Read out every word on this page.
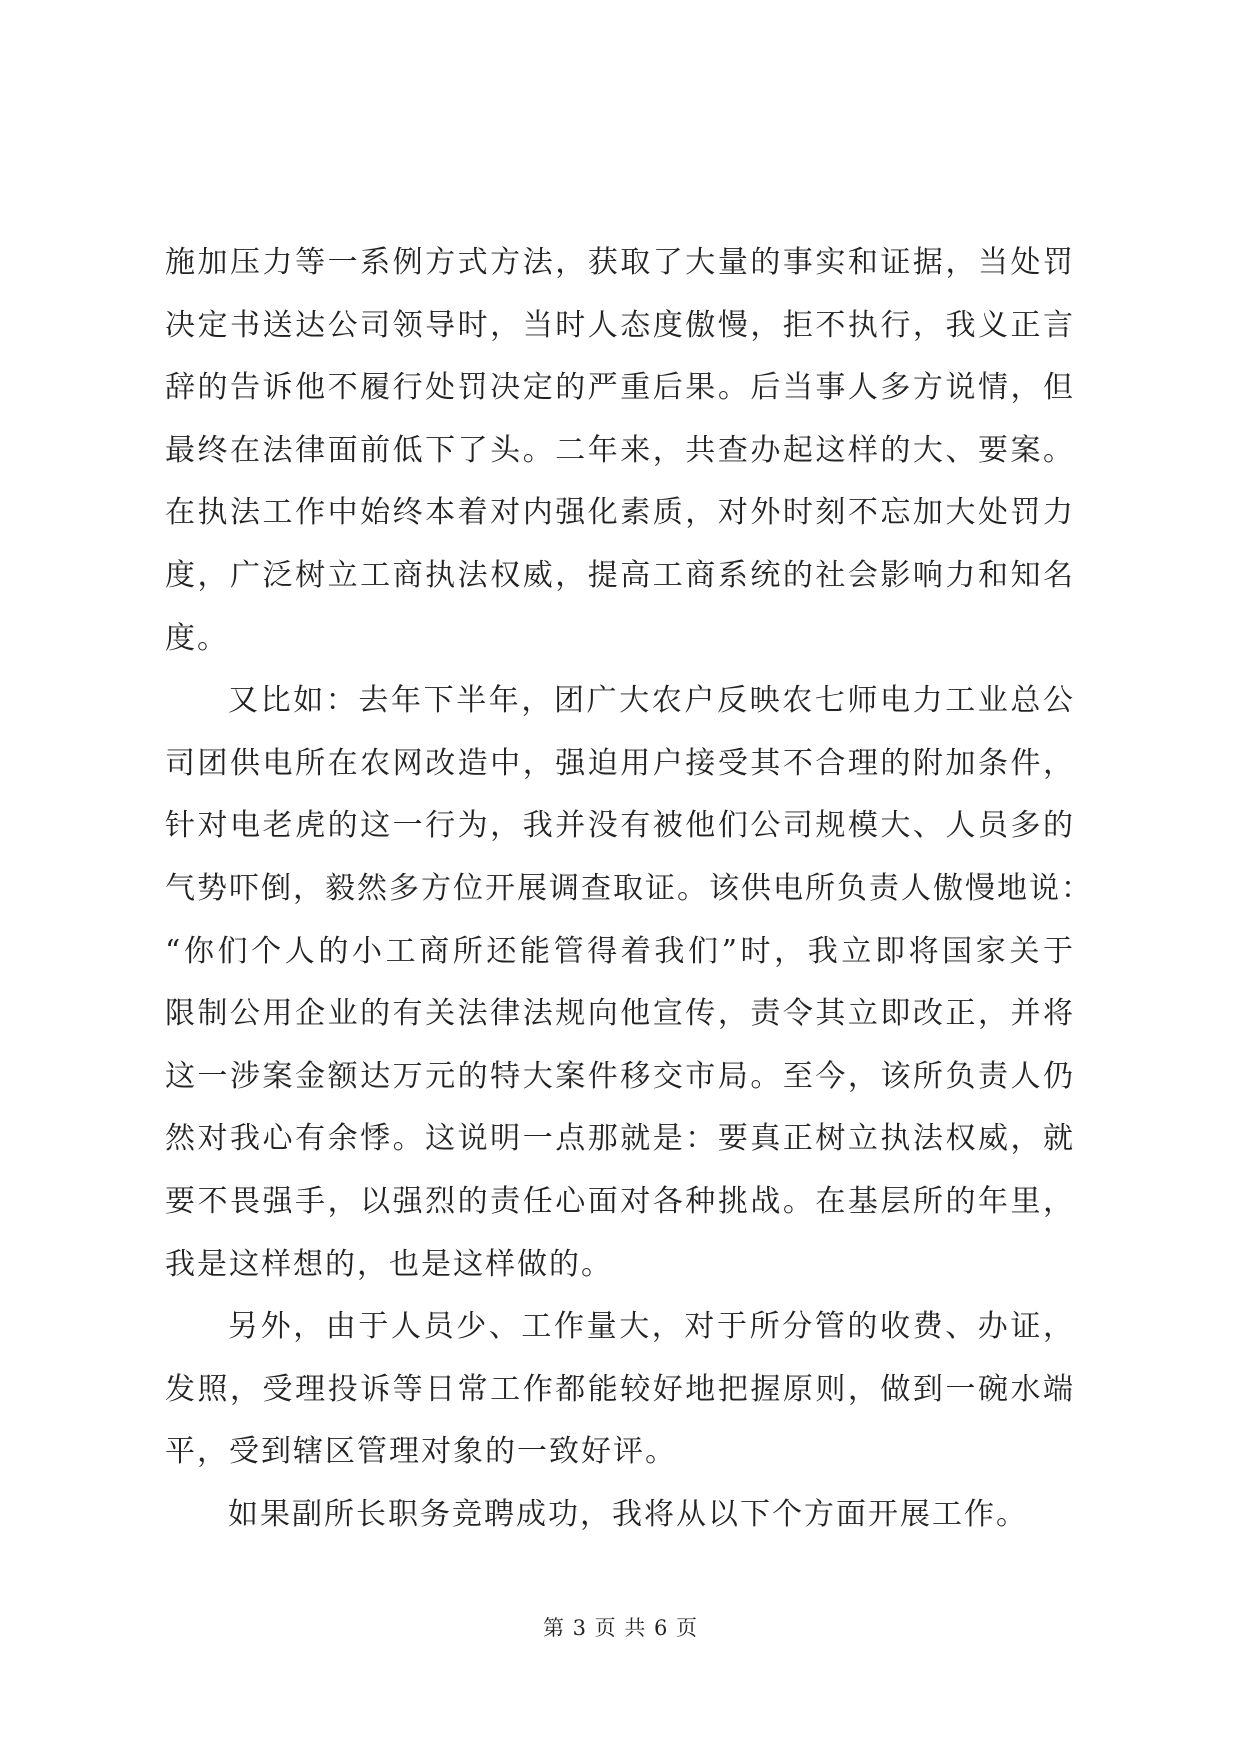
施加压力等一系例方式方法，获取了大量的事实和证据，当处罚
决定书送达公司领导时，当时人态度傲慢，拒不执行，我义正言
辞的告诉他不履行处罚决定的严重后果。后当事人多方说情，但
最终在法律面前低下了头。二年来，共查办起这样的大、要案。
在执法工作中始终本着对内强化素质，对外时刻不忘加大处罚力
度，广泛树立工商执法权威，提高工商系统的社会影响力和知名
度。
又比如：去年下半年，团广大农户反映农七师电力工业总公
司团供电所在农网改造中，强迫用户接受其不合理的附加条件，
针对电老虎的这一行为，我并没有被他们公司规模大、人员多的
气势吓倒，毅然多方位开展调查取证。该供电所负责人傲慢地说：
“你们个人的小工商所还能管得着我们”时，我立即将国家关于
限制公用企业的有关法律法规向他宣传，责令其立即改正，并将
这一涉案金额达万元的特大案件移交市局。至今，该所负责人仍
然对我心有余悸。这说明一点那就是：要真正树立执法权威，就
要不畏强手，以强烈的责任心面对各种挑战。在基层所的年里，
我是这样想的，也是这样做的。
另外，由于人员少、工作量大，对于所分管的收费、办证，
发照，受理投诉等日常工作都能较好地把握原则，做到一碗水端
平，受到辖区管理对象的一致好评。
如果副所长职务竞聘成功，我将从以下个方面开展工作。
第 3 页 共 6 页
